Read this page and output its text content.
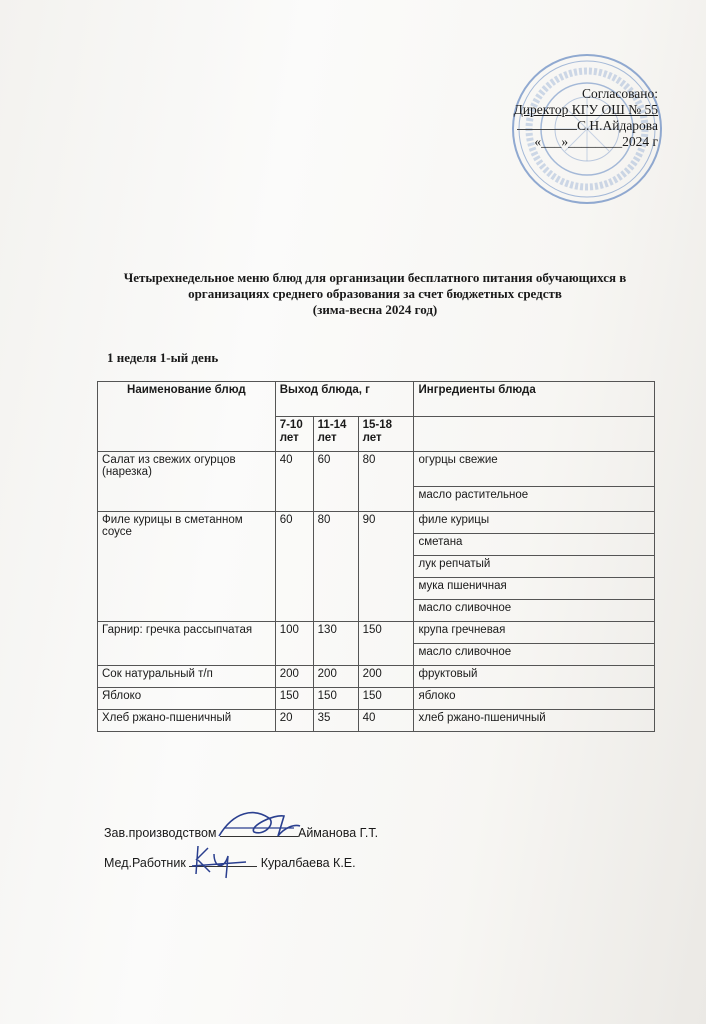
Согласовано:
Директор КГУ ОШ № 55
С.Н.Айдарова
«___»________2024 г
Четырехнедельное меню блюд для организации бесплатного питания обучающихся в
организациях среднего образования за счет бюджетных средств
(зима-весна 2024 год)
1 неделя 1-ый день
Наименование блюд	Выход блюда, г			Ингредиенты блюда
	7-10 лет	11-14 лет	15-18 лет	
Салат из свежих огурцов (нарезка)	40	60	80	огурцы свежие
				масло растительное
Филе курицы в сметанном соусе	60	80	90	филе курицы
				сметана
				лук репчатый
				мука пшеничная
				масло сливочное
Гарнир: гречка рассыпчатая	100	130	150	крупа гречневая
				масло сливочное
Сок натуральный т/п	200	200	200	фруктовый
Яблоко	150	150	150	яблоко
Хлеб ржано-пшеничный	20	35	40	хлеб ржано-пшеничный
Зав.производством	Айманова Г.Т.
Мед.Работник	Куралбаева К.Е.
